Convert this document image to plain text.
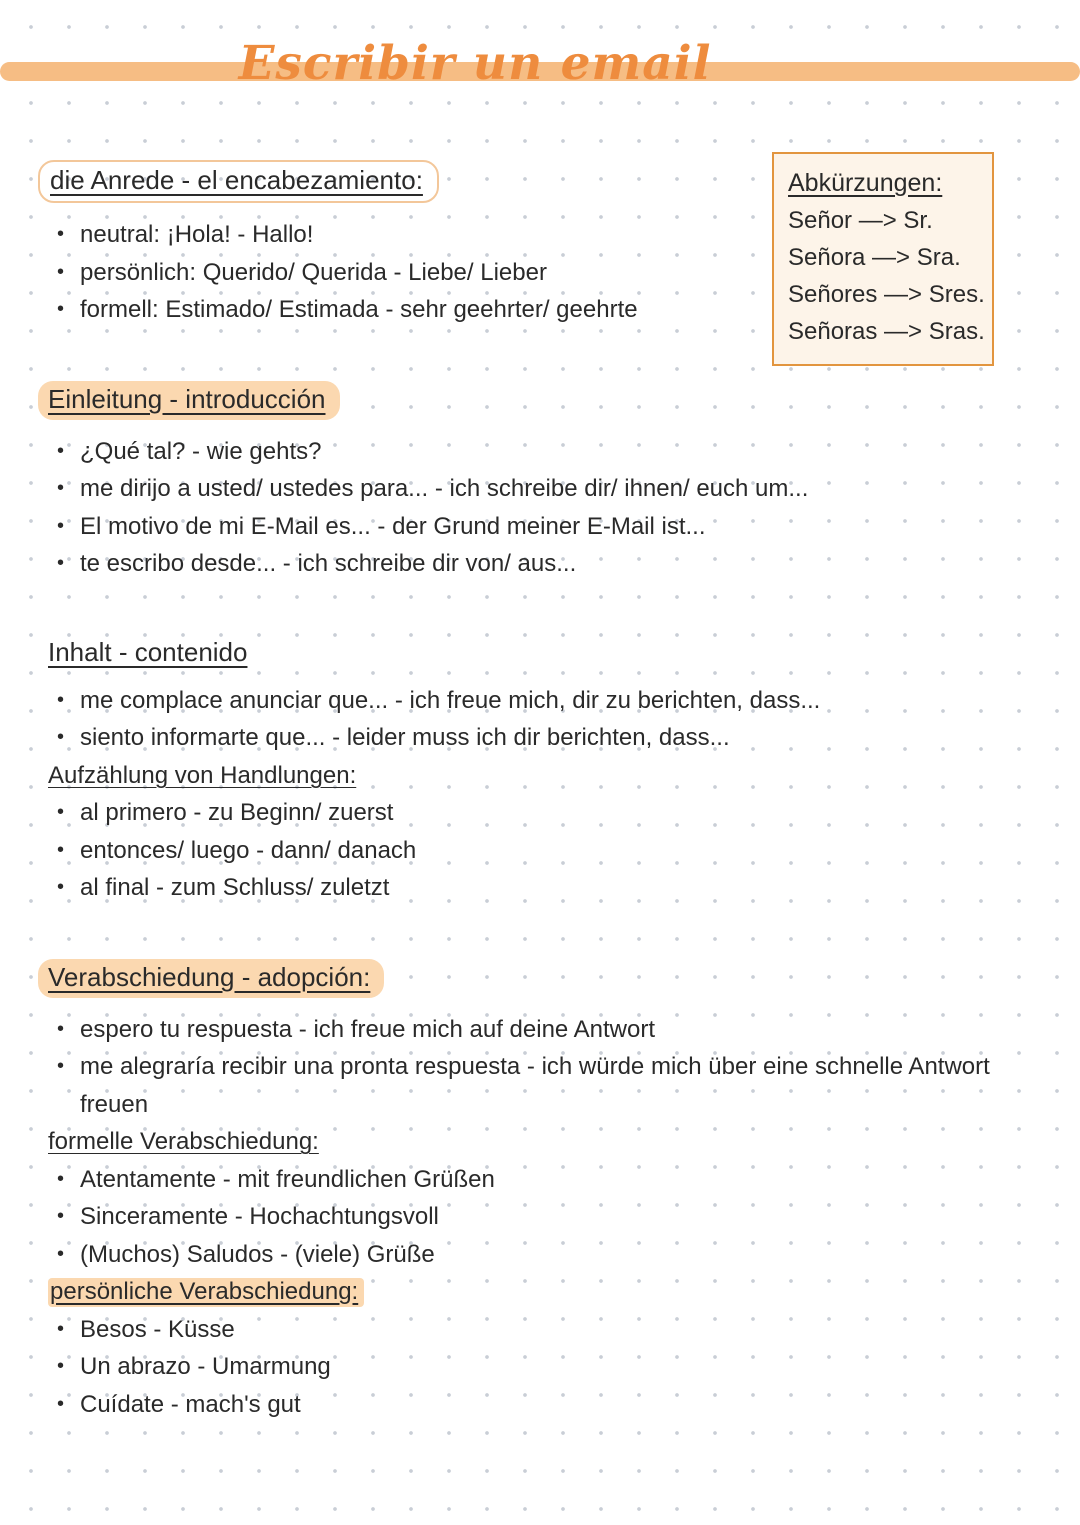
Escribir un email
Abkürzungen:
Señor —> Sr.
Señora —> Sra.
Señores —> Sres.
Señoras —> Sras.
die Anrede - el encabezamiento:
• neutral: ¡Hola! - Hallo!
• persönlich: Querido/ Querida - Liebe/ Lieber
• formell: Estimado/ Estimada - sehr geehrter/ geehrte
Einleitung - introducción
• ¿Qué tal? - wie gehts?
• me dirijo a usted/ ustedes para... - ich schreibe dir/ ihnen/ euch um...
• El motivo de mi E-Mail es... - der Grund meiner E-Mail ist...
• te escribo desde... - ich schreibe dir von/ aus...
Inhalt - contenido
• me complace anunciar que... - ich freue mich, dir zu berichten, dass...
• siento informarte que... - leider muss ich dir berichten, dass...
Aufzählung von Handlungen:
• al primero - zu Beginn/ zuerst
• entonces/ luego - dann/ danach
• al final - zum Schluss/ zuletzt
Verabschiedung - adopción:
• espero tu respuesta - ich freue mich auf deine Antwort
• me alegraría recibir una pronta respuesta - ich würde mich über eine schnelle Antwort freuen
formelle Verabschiedung:
• Atentamente - mit freundlichen Grüßen
• Sinceramente - Hochachtungsvoll
• (Muchos) Saludos - (viele) Grüße
persönliche Verabschiedung:
• Besos - Küsse
• Un abrazo - Umarmung
• Cuídate - mach's gut
